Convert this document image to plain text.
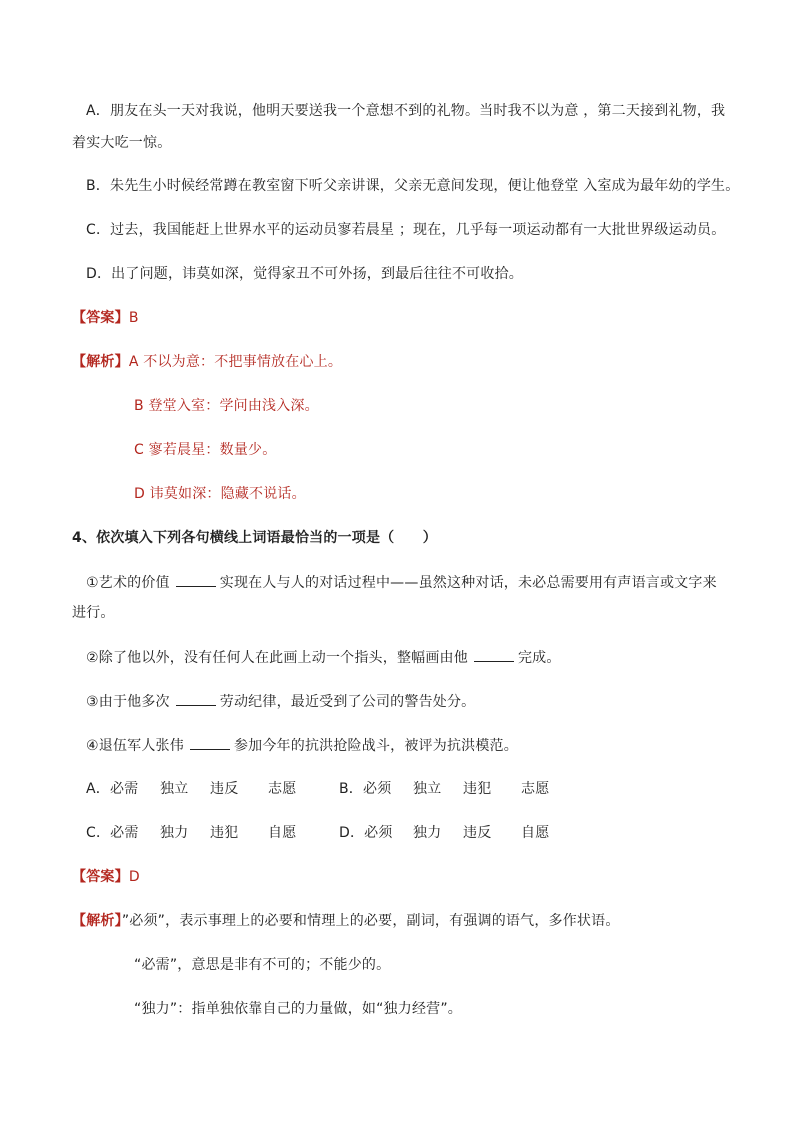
A．朋友在头一天对我说，他明天要送我一个意想不到的礼物。当时我不以为意 ，第二天接到礼物，我
着实大吃一惊。
B．朱先生小时候经常蹲在教室窗下听父亲讲课，父亲无意间发现，便让他登堂 入室成为最年幼的学生。
C．过去，我国能赶上世界水平的运动员寥若晨星 ；现在，几乎每一项运动都有一大批世界级运动员。
D．出了问题，讳莫如深，觉得家丑不可外扬，到最后往往不可收拾。
【答案】B
【解析】A 不以为意：不把事情放在心上。
B 登堂入室：学问由浅入深。
C 寥若晨星：数量少。
D 讳莫如深：隐藏不说话。
4、依次填入下列各句横线上词语最恰当的一项是（　　）
①艺术的价值	实现在人与人的对话过程中——虽然这种对话，未必总需要用有声语言或文字来
进行。
②除了他以外，没有任何人在此画上动一个指头，整幅画由他	完成。
③由于他多次	劳动纪律，最近受到了公司的警告处分。
④退伍军人张伟	参加今年的抗洪抢险战斗，被评为抗洪模范。
A．必需 独立 违反 志愿	B．必须 独立 违犯 志愿
C．必需 独力 违犯 自愿	D．必须 独力 违反 自愿
【答案】D
【解析】”必须”，表示事理上的必要和情理上的必要，副词，有强调的语气，多作状语。
“必需”，意思是非有不可的；不能少的。
“独力”：指单独依靠自己的力量做，如“独力经营”。
